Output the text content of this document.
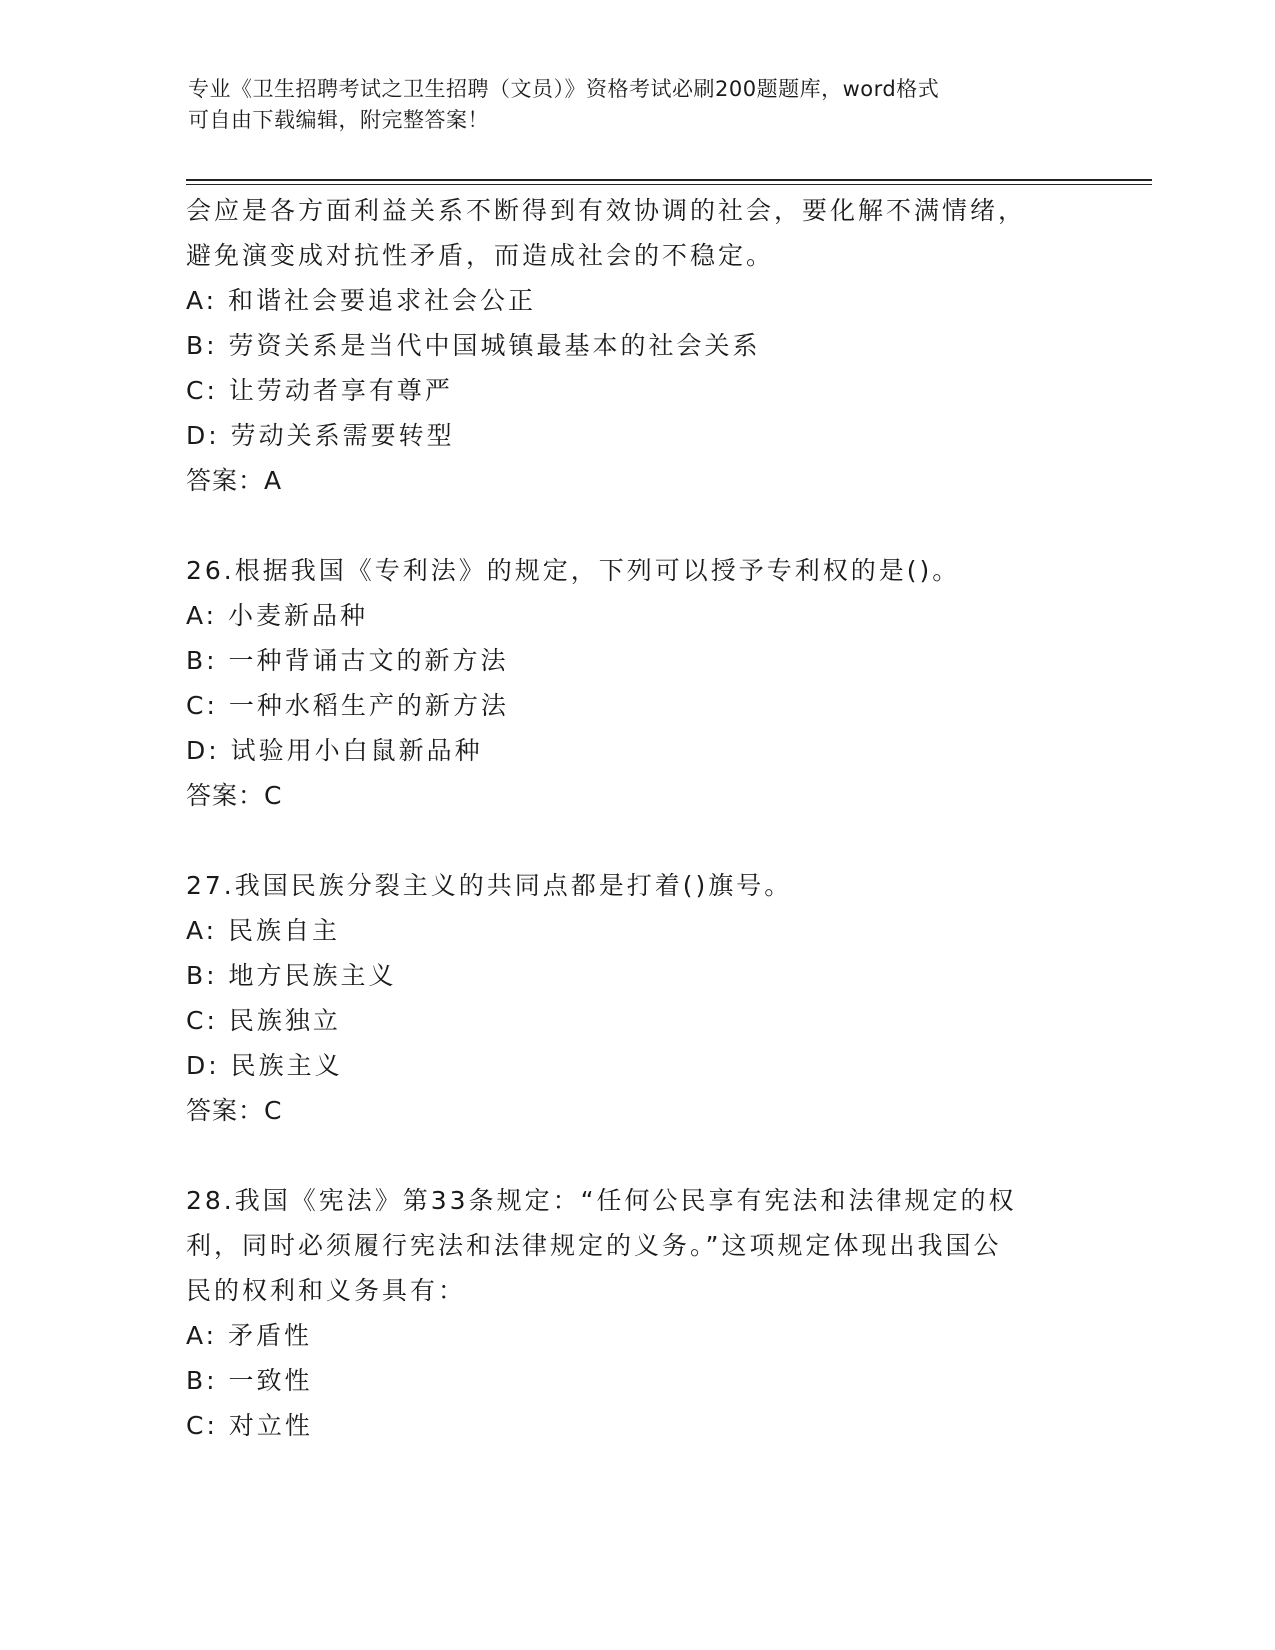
专业《卫生招聘考试之卫生招聘（文员）》资格考试必刷200题题库，word格式
可自由下载编辑，附完整答案！
会应是各方面利益关系不断得到有效协调的社会，要化解不满情绪，
避免演变成对抗性矛盾，而造成社会的不稳定。
A: 和谐社会要追求社会公正
B: 劳资关系是当代中国城镇最基本的社会关系
C: 让劳动者享有尊严
D: 劳动关系需要转型
答案：A
26.根据我国《专利法》的规定，下列可以授予专利权的是()。
A: 小麦新品种
B: 一种背诵古文的新方法
C: 一种水稻生产的新方法
D: 试验用小白鼠新品种
答案：C
27.我国民族分裂主义的共同点都是打着()旗号。
A: 民族自主
B: 地方民族主义
C: 民族独立
D: 民族主义
答案：C
28.我国《宪法》第33条规定：“任何公民享有宪法和法律规定的权
利，同时必须履行宪法和法律规定的义务。”这项规定体现出我国公
民的权利和义务具有：
A: 矛盾性
B: 一致性
C: 对立性
